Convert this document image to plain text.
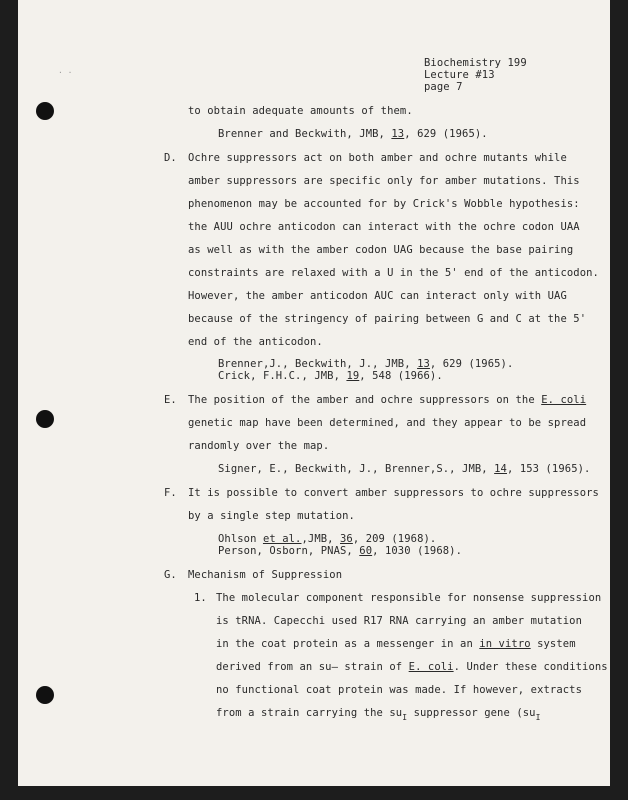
· ·
Biochemistry 199
Lecture #13
page 7
to obtain adequate amounts of them.
Brenner and Beckwith, JMB, 13, 629 (1965).
D. Ochre suppressors act on both amber and ochre mutants while
amber suppressors are specific only for amber mutations. This
phenomenon may be accounted for by Crick's Wobble hypothesis:
the AUU ochre anticodon can interact with the ochre codon UAA
as well as with the amber codon UAG because the base pairing
constraints are relaxed with a U in the 5' end of the anticodon.
However, the amber anticodon AUC can interact only with UAG
because of the stringency of pairing between G and C at the 5'
end of the anticodon.
Brenner,J., Beckwith, J., JMB, 13, 629 (1965).
Crick, F.H.C., JMB, 19, 548 (1966).
E. The position of the amber and ochre suppressors on the E. coli
genetic map have been determined, and they appear to be spread
randomly over the map.
Signer, E., Beckwith, J., Brenner,S., JMB, 14, 153 (1965).
F. It is possible to convert amber suppressors to ochre suppressors
by a single step mutation.
Ohlson et al.,JMB, 36, 209 (1968).
Person, Osborn, PNAS, 60, 1030 (1968).
G. Mechanism of Suppression
1. The molecular component responsible for nonsense suppression
is tRNA. Capecchi used R17 RNA carrying an amber mutation
in the coat protein as a messenger in an in vitro system
derived from an su— strain of E. coli. Under these conditions
no functional coat protein was made. If however, extracts
from a strain carrying the $su_I$ suppressor gene ($su_I$
